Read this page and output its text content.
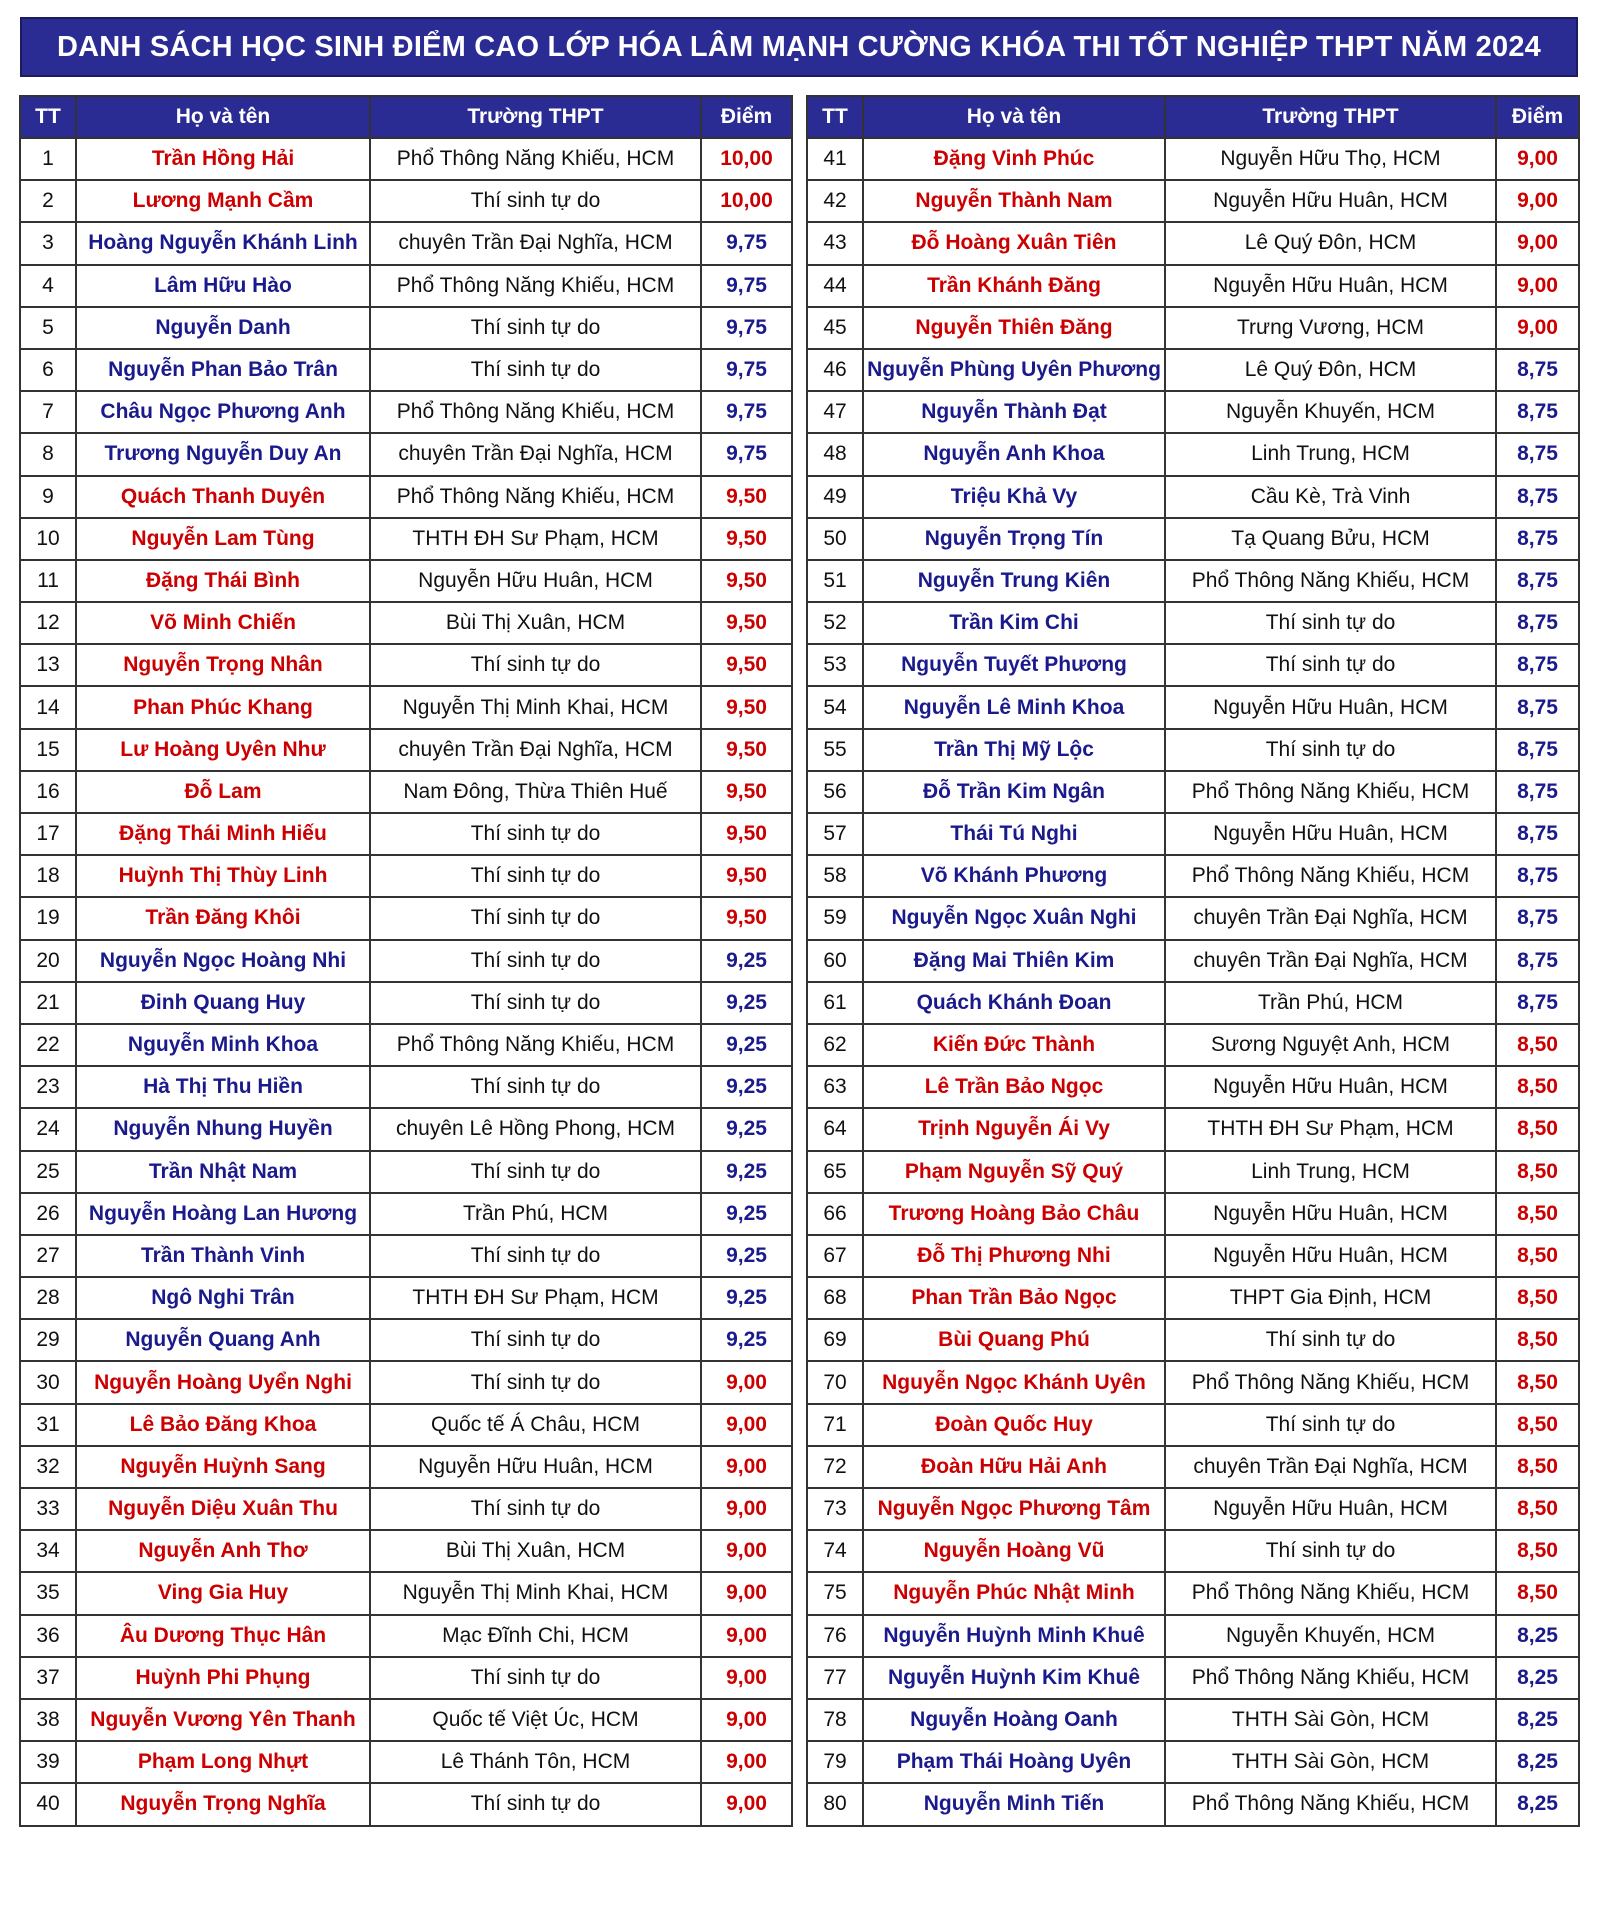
DANH SÁCH HỌC SINH ĐIỂM CAO LỚP HÓA LÂM MẠNH CƯỜNG KHÓA THI TỐT NGHIỆP THPT NĂM 2024
TT	Họ và tên	Trường THPT	Điểm
1	Trần Hồng Hải	Phổ Thông Năng Khiếu, HCM	10,00
2	Lương Mạnh Cầm	Thí sinh tự do	10,00
3	Hoàng Nguyễn Khánh Linh	chuyên Trần Đại Nghĩa, HCM	9,75
4	Lâm Hữu Hào	Phổ Thông Năng Khiếu, HCM	9,75
5	Nguyễn Danh	Thí sinh tự do	9,75
6	Nguyễn Phan Bảo Trân	Thí sinh tự do	9,75
7	Châu Ngọc Phương Anh	Phổ Thông Năng Khiếu, HCM	9,75
8	Trương Nguyễn Duy An	chuyên Trần Đại Nghĩa, HCM	9,75
9	Quách Thanh Duyên	Phổ Thông Năng Khiếu, HCM	9,50
10	Nguyễn Lam Tùng	THTH ĐH Sư Phạm, HCM	9,50
11	Đặng Thái Bình	Nguyễn Hữu Huân, HCM	9,50
12	Võ Minh Chiến	Bùi Thị Xuân, HCM	9,50
13	Nguyễn Trọng Nhân	Thí sinh tự do	9,50
14	Phan Phúc Khang	Nguyễn Thị Minh Khai, HCM	9,50
15	Lư Hoàng Uyên Như	chuyên Trần Đại Nghĩa, HCM	9,50
16	Đỗ Lam	Nam Đông, Thừa Thiên Huế	9,50
17	Đặng Thái Minh Hiếu	Thí sinh tự do	9,50
18	Huỳnh Thị Thùy Linh	Thí sinh tự do	9,50
19	Trần Đăng Khôi	Thí sinh tự do	9,50
20	Nguyễn Ngọc Hoàng Nhi	Thí sinh tự do	9,25
21	Đinh Quang Huy	Thí sinh tự do	9,25
22	Nguyễn Minh Khoa	Phổ Thông Năng Khiếu, HCM	9,25
23	Hà Thị Thu Hiền	Thí sinh tự do	9,25
24	Nguyễn Nhung Huyền	chuyên Lê Hồng Phong, HCM	9,25
25	Trần Nhật Nam	Thí sinh tự do	9,25
26	Nguyễn Hoàng Lan Hương	Trần Phú, HCM	9,25
27	Trần Thành Vinh	Thí sinh tự do	9,25
28	Ngô Nghi Trân	THTH ĐH Sư Phạm, HCM	9,25
29	Nguyễn Quang Anh	Thí sinh tự do	9,25
30	Nguyễn Hoàng Uyển Nghi	Thí sinh tự do	9,00
31	Lê Bảo Đăng Khoa	Quốc tế Á Châu, HCM	9,00
32	Nguyễn Huỳnh Sang	Nguyễn Hữu Huân, HCM	9,00
33	Nguyễn Diệu Xuân Thu	Thí sinh tự do	9,00
34	Nguyễn Anh Thơ	Bùi Thị Xuân, HCM	9,00
35	Ving Gia Huy	Nguyễn Thị Minh Khai, HCM	9,00
36	Âu Dương Thục Hân	Mạc Đĩnh Chi, HCM	9,00
37	Huỳnh Phi Phụng	Thí sinh tự do	9,00
38	Nguyễn Vương Yên Thanh	Quốc tế Việt Úc, HCM	9,00
39	Phạm Long Nhựt	Lê Thánh Tôn, HCM	9,00
40	Nguyễn Trọng Nghĩa	Thí sinh tự do	9,00
TT	Họ và tên	Trường THPT	Điểm
41	Đặng Vinh Phúc	Nguyễn Hữu Thọ, HCM	9,00
42	Nguyễn Thành Nam	Nguyễn Hữu Huân, HCM	9,00
43	Đỗ Hoàng Xuân Tiên	Lê Quý Đôn, HCM	9,00
44	Trần Khánh Đăng	Nguyễn Hữu Huân, HCM	9,00
45	Nguyễn Thiên Đăng	Trưng Vương, HCM	9,00
46	Nguyễn Phùng Uyên Phương	Lê Quý Đôn, HCM	8,75
47	Nguyễn Thành Đạt	Nguyễn Khuyến, HCM	8,75
48	Nguyễn Anh Khoa	Linh Trung, HCM	8,75
49	Triệu Khả Vy	Cầu Kè, Trà Vinh	8,75
50	Nguyễn Trọng Tín	Tạ Quang Bửu, HCM	8,75
51	Nguyễn Trung Kiên	Phổ Thông Năng Khiếu, HCM	8,75
52	Trần Kim Chi	Thí sinh tự do	8,75
53	Nguyễn Tuyết Phương	Thí sinh tự do	8,75
54	Nguyễn Lê Minh Khoa	Nguyễn Hữu Huân, HCM	8,75
55	Trần Thị Mỹ Lộc	Thí sinh tự do	8,75
56	Đỗ Trần Kim Ngân	Phổ Thông Năng Khiếu, HCM	8,75
57	Thái Tú Nghi	Nguyễn Hữu Huân, HCM	8,75
58	Võ Khánh Phương	Phổ Thông Năng Khiếu, HCM	8,75
59	Nguyễn Ngọc Xuân Nghi	chuyên Trần Đại Nghĩa, HCM	8,75
60	Đặng Mai Thiên Kim	chuyên Trần Đại Nghĩa, HCM	8,75
61	Quách Khánh Đoan	Trần Phú, HCM	8,75
62	Kiến Đức Thành	Sương Nguyệt Anh, HCM	8,50
63	Lê Trần Bảo Ngọc	Nguyễn Hữu Huân, HCM	8,50
64	Trịnh Nguyễn Ái Vy	THTH ĐH Sư Phạm, HCM	8,50
65	Phạm Nguyễn Sỹ Quý	Linh Trung, HCM	8,50
66	Trương Hoàng Bảo Châu	Nguyễn Hữu Huân, HCM	8,50
67	Đỗ Thị Phương Nhi	Nguyễn Hữu Huân, HCM	8,50
68	Phan Trần Bảo Ngọc	THPT Gia Định, HCM	8,50
69	Bùi Quang Phú	Thí sinh tự do	8,50
70	Nguyễn Ngọc Khánh Uyên	Phổ Thông Năng Khiếu, HCM	8,50
71	Đoàn Quốc Huy	Thí sinh tự do	8,50
72	Đoàn Hữu Hải Anh	chuyên Trần Đại Nghĩa, HCM	8,50
73	Nguyễn Ngọc Phương Tâm	Nguyễn Hữu Huân, HCM	8,50
74	Nguyễn Hoàng Vũ	Thí sinh tự do	8,50
75	Nguyễn Phúc Nhật Minh	Phổ Thông Năng Khiếu, HCM	8,50
76	Nguyễn Huỳnh Minh Khuê	Nguyễn Khuyến, HCM	8,25
77	Nguyễn Huỳnh Kim Khuê	Phổ Thông Năng Khiếu, HCM	8,25
78	Nguyễn Hoàng Oanh	THTH Sài Gòn, HCM	8,25
79	Phạm Thái Hoàng Uyên	THTH Sài Gòn, HCM	8,25
80	Nguyễn Minh Tiến	Phổ Thông Năng Khiếu, HCM	8,25
